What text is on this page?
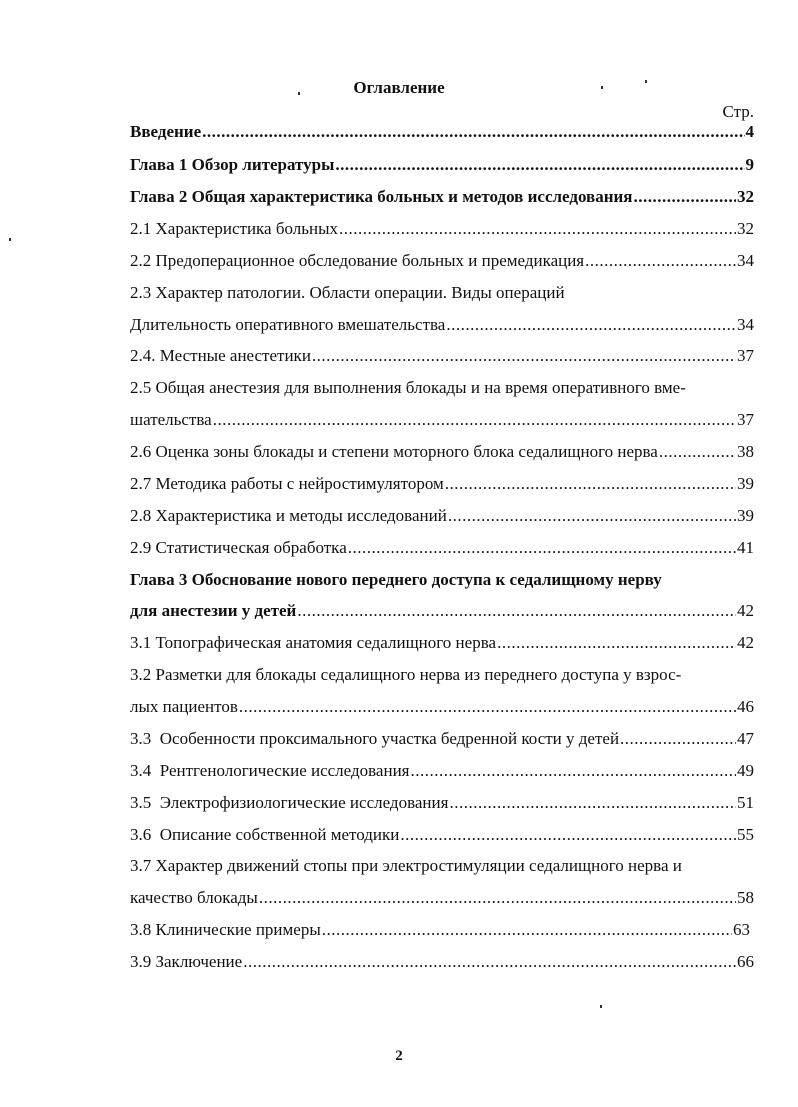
Оглавление
Стр.
Введение .....	4
Глава 1 Обзор литературы .....	9
Глава 2 Общая характеристика больных и методов исследования .....	32
2.1 Характеристика больных .....	32
2.2 Предоперационное обследование больных и премедикация .....	34
2.3 Характер патологии. Области операции. Виды операций
Длительность оперативного вмешательства .....	34
2.4. Местные анестетики .....	37
2.5 Общая анестезия для выполнения блокады и на время оперативного вме-
шательства .....	37
2.6 Оценка зоны блокады и степени моторного блока седалищного нерва .....	38
2.7 Методика работы с нейростимулятором .....	39
2.8 Характеристика и методы исследований .....	39
2.9 Статистическая обработка .....	41
Глава 3 Обоснование нового переднего доступа к седалищному нерву
для анестезии у детей .....	42
3.1 Топографическая анатомия седалищного нерва .....	42
3.2 Разметки для блокады седалищного нерва из переднего доступа у взрос-
лых пациентов .....	46
3.3  Особенности проксимального участка бедренной кости у детей .....	47
3.4  Рентгенологические исследования .....	49
3.5  Электрофизиологические исследования .....	51
3.6  Описание собственной методики .....	55
3.7 Характер движений стопы при электростимуляции седалищного нерва и
качество блокады .....	58
3.8 Клинические примеры .....	63
3.9 Заключение .....	66
2
